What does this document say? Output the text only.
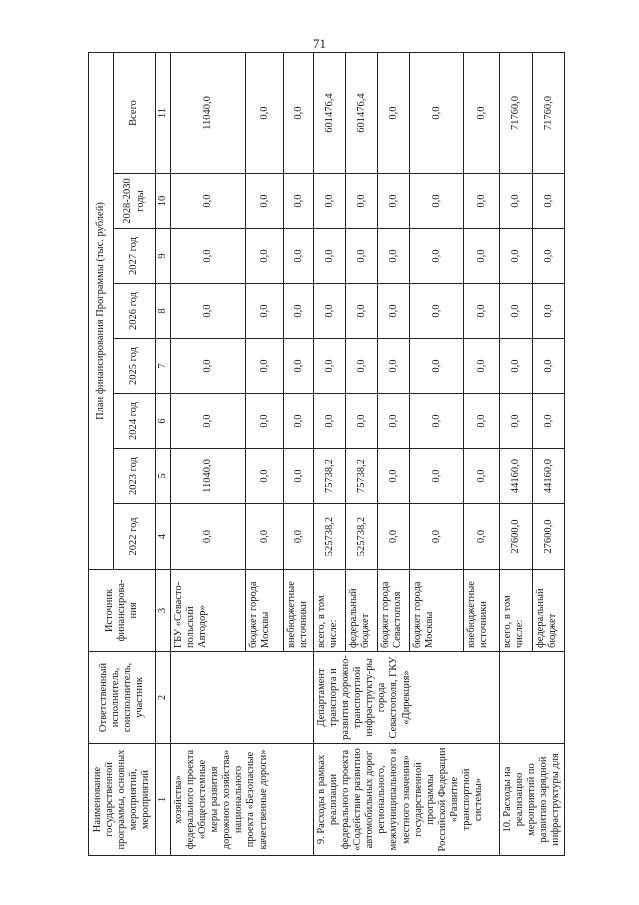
71
Наименование государственной программы, основных мероприятий, мероприятий	Ответственный исполнитель, соисполнитель, участник	Источник финансирова-ния	План финансирования Программы (тыс. рублей)							
			2022 год	2023 год	2024 год	2025 год	2026 год	2027 год	2028-2030 годы	Всего
1	2	3	4	5	6	7	8	9	10	11
хозяйства» федерального проекта «Общесистемные меры развития дорожного хозяйства» национального проекта «Безопасные качественные дороги»		ГБУ «Севасто-польский Автодор»	0,0	11040,0	0,0	0,0	0,0	0,0	0,0	11040,0
		бюджет города Москвы	0,0	0,0	0,0	0,0	0,0	0,0	0,0	0,0
		внебюджетные источники	0,0	0,0	0,0	0,0	0,0	0,0	0,0	0,0
9. Расходы в рамках реализации федерального проекта «Содействие развитию автомобильных дорог регионального, межмуниципального и местного значения» государственной программы Российской Федерации «Развитие транспортной системы»	Департамент транспорта и развития дорожно-транспортной инфраструкту-ры города Севастополя, ГКУ «Дирекция»	всего, в том числе:	525738,2	75738,2	0,0	0,0	0,0	0,0	0,0	601476,4
		федеральный бюджет	525738,2	75738,2	0,0	0,0	0,0	0,0	0,0	601476,4
		бюджет города Севастополя	0,0	0,0	0,0	0,0	0,0	0,0	0,0	0,0
		бюджет города Москвы	0,0	0,0	0,0	0,0	0,0	0,0	0,0	0,0
		внебюджетные источники	0,0	0,0	0,0	0,0	0,0	0,0	0,0	0,0
10. Расходы на реализацию мероприятий по развитию зарядной инфраструктуры для		всего, в том числе:	27600,0	44160,0	0,0	0,0	0,0	0,0	0,0	71760,0
		федеральный бюджет	27600,0	44160,0	0,0	0,0	0,0	0,0	0,0	71760,0
